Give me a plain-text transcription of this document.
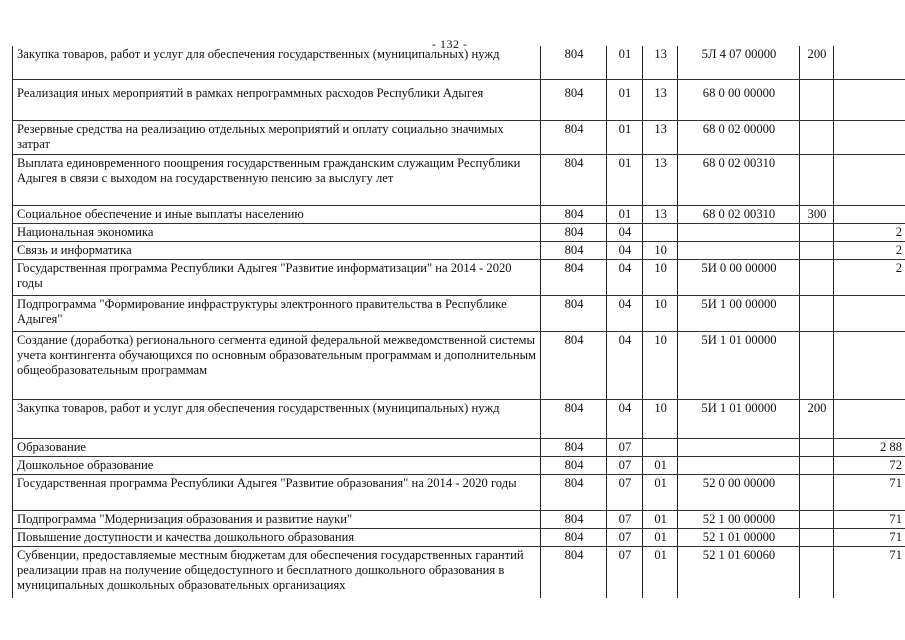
- 132 -
Закупка товаров, работ и услуг для обеспечения государственных (муниципальных) нужд	804	01	13	5Л 4 07 00000	200	
Реализация иных мероприятий в рамках непрограммных расходов Республики Адыгея	804	01	13	68 0 00 00000		
Резервные средства на реализацию отдельных мероприятий и оплату социально значимых затрат	804	01	13	68 0 02 00000		
Выплата единовременного поощрения государственным гражданским служащим Республики Адыгея в связи с выходом на государственную пенсию за выслугу лет	804	01	13	68 0 02 00310		
Социальное обеспечение и иные выплаты населению	804	01	13	68 0 02 00310	300	
Национальная экономика	804	04				2
Связь и информатика	804	04	10			2
Государственная программа Республики Адыгея "Развитие информатизации" на 2014 - 2020 годы	804	04	10	5И 0 00 00000		2
Подпрограмма "Формирование инфраструктуры электронного правительства в Республике Адыгея"	804	04	10	5И 1 00 00000		
Создание (доработка) регионального сегмента единой федеральной межведомственной системы учета контингента обучающихся по основным образовательным программам и дополнительным общеобразовательным программам	804	04	10	5И 1 01 00000		
Закупка товаров, работ и услуг для обеспечения государственных (муниципальных) нужд	804	04	10	5И 1 01 00000	200	
Образование	804	07				2 88
Дошкольное образование	804	07	01			72
Государственная программа Республики Адыгея "Развитие образования" на 2014 - 2020 годы	804	07	01	52 0 00 00000		71
Подпрограмма "Модернизация образования и развитие науки"	804	07	01	52 1 00 00000		71
Повышение доступности и качества дошкольного образования	804	07	01	52 1 01 00000		71
Субвенции, предоставляемые местным бюджетам для обеспечения государственных гарантий реализации прав на получение общедоступного и бесплатного дошкольного образования в муниципальных дошкольных образовательных организациях	804	07	01	52 1 01 60060		71
